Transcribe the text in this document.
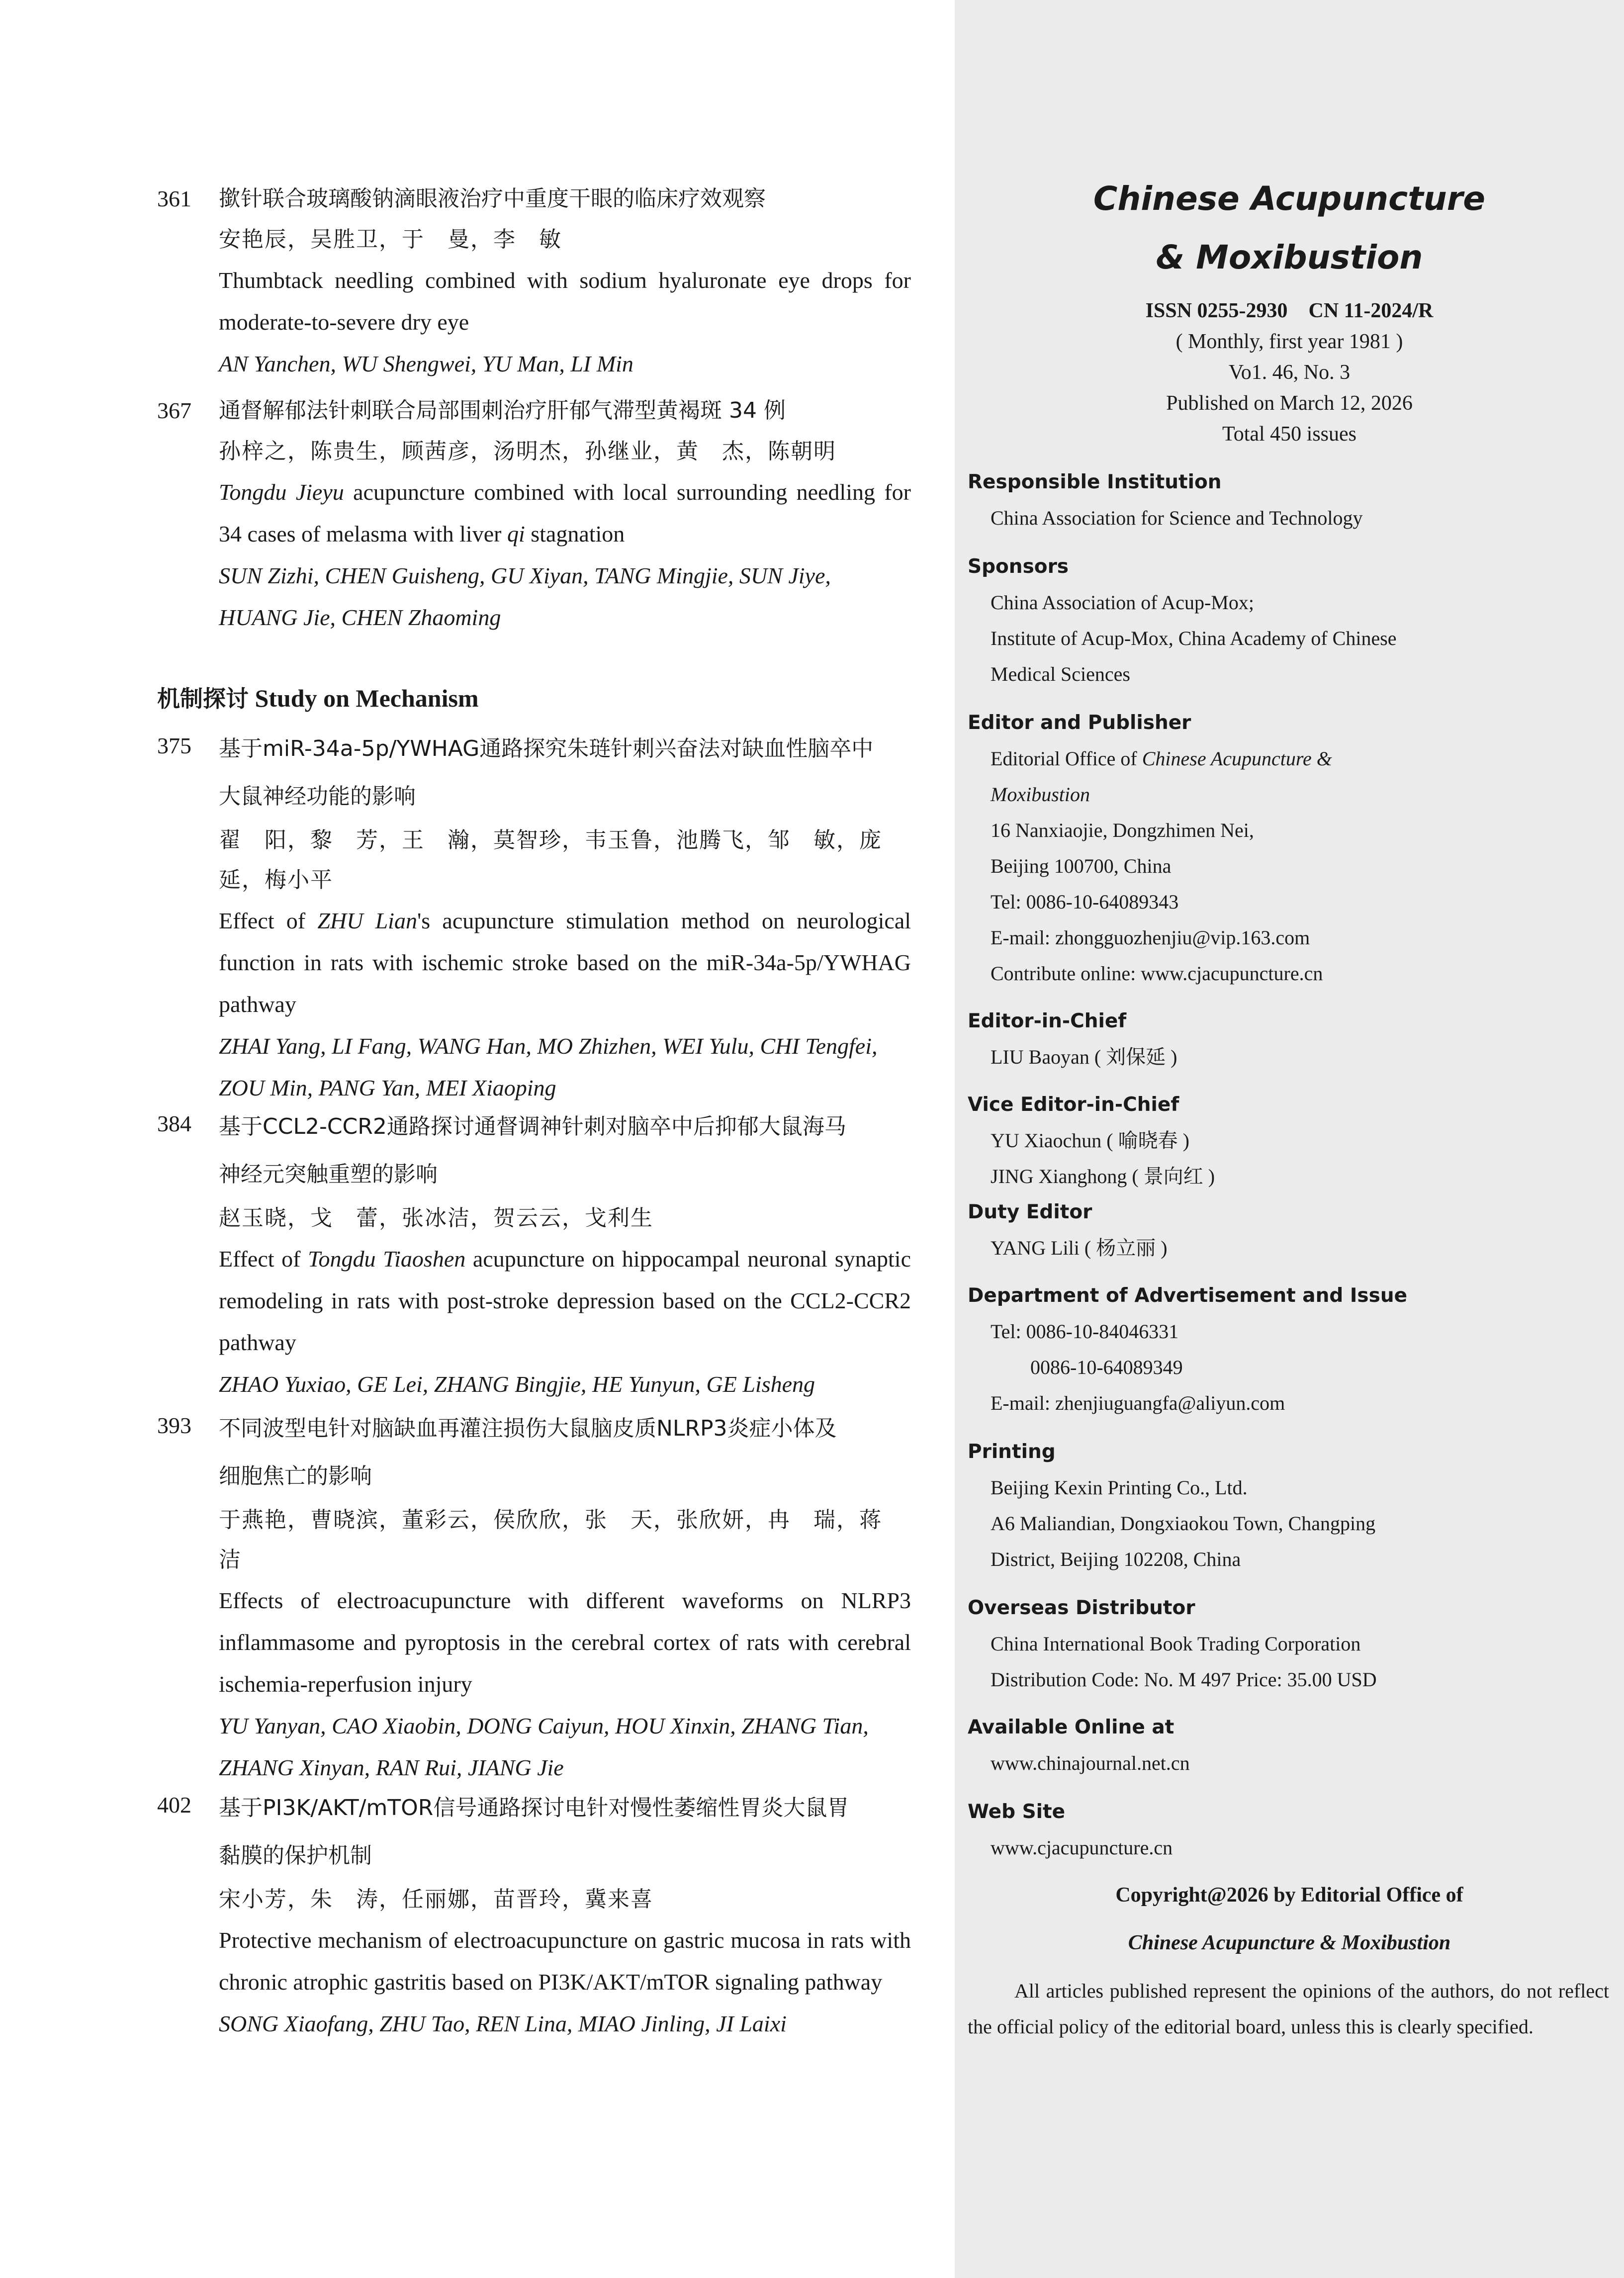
361	撳针联合玻璃酸钠滴眼液治疗中重度干眼的临床疗效观察
安艳辰，吴胜卫，于　曼，李　敏
Thumbtack needling combined with sodium hyaluronate eye drops for moderate-to-severe dry eye
AN Yanchen, WU Shengwei, YU Man, LI Min
367	通督解郁法针刺联合局部围刺治疗肝郁气滞型黄褐斑 34 例
孙梓之，陈贵生，顾茜彦，汤明杰，孙继业，黄　杰，陈朝明
Tongdu Jieyu acupuncture combined with local surrounding needling for 34 cases of melasma with liver qi stagnation
SUN Zizhi, CHEN Guisheng, GU Xiyan, TANG Mingjie, SUN Jiye, HUANG Jie, CHEN Zhaoming
机制探讨 Study on Mechanism
375	基于miR-34a-5p/YWHAG通路探究朱琏针刺兴奋法对缺血性脑卒中
大鼠神经功能的影响
翟　阳，黎　芳，王　瀚，莫智珍，韦玉鲁，池腾飞，邹　敏，庞　延，梅小平
Effect of ZHU Lian's acupuncture stimulation method on neurological function in rats with ischemic stroke based on the miR-34a-5p/YWHAG pathway
ZHAI Yang, LI Fang, WANG Han, MO Zhizhen, WEI Yulu, CHI Tengfei, ZOU Min, PANG Yan, MEI Xiaoping
384	基于CCL2-CCR2通路探讨通督调神针刺对脑卒中后抑郁大鼠海马
神经元突触重塑的影响
赵玉晓，戈　蕾，张冰洁，贺云云，戈利生
Effect of Tongdu Tiaoshen acupuncture on hippocampal neuronal synaptic remodeling in rats with post-stroke depression based on the CCL2-CCR2 pathway
ZHAO Yuxiao, GE Lei, ZHANG Bingjie, HE Yunyun, GE Lisheng
393	不同波型电针对脑缺血再灌注损伤大鼠脑皮质NLRP3炎症小体及
细胞焦亡的影响
于燕艳，曹晓滨，董彩云，侯欣欣，张　天，张欣妍，冉　瑞，蒋　洁
Effects of electroacupuncture with different waveforms on NLRP3 inflammasome and pyroptosis in the cerebral cortex of rats with cerebral ischemia-reperfusion injury
YU Yanyan, CAO Xiaobin, DONG Caiyun, HOU Xinxin, ZHANG Tian, ZHANG Xinyan, RAN Rui, JIANG Jie
402	基于PI3K/AKT/mTOR信号通路探讨电针对慢性萎缩性胃炎大鼠胃
黏膜的保护机制
宋小芳，朱　涛，任丽娜，苗晋玲，冀来喜
Protective mechanism of electroacupuncture on gastric mucosa in rats with chronic atrophic gastritis based on PI3K/AKT/mTOR signaling pathway
SONG Xiaofang, ZHU Tao, REN Lina, MIAO Jinling, JI Laixi
Chinese Acupuncture
& Moxibustion
ISSN 0255-2930　CN 11-2024/R
( Monthly, first year 1981 )
Vo1. 46, No. 3
Published on March 12, 2026
Total 450 issues
Responsible Institution
China Association for Science and Technology
Sponsors
China Association of Acup-Mox;
Institute of Acup-Mox, China Academy of Chinese
Medical Sciences
Editor and Publisher
Editorial Office of Chinese Acupuncture &
Moxibustion
16 Nanxiaojie, Dongzhimen Nei,
Beijing 100700, China
Tel: 0086-10-64089343
E-mail: zhongguozhenjiu@vip.163.com
Contribute online: www.cjacupuncture.cn
Editor-in-Chief
LIU Baoyan ( 刘保延 )
Vice Editor-in-Chief
YU Xiaochun ( 喻晓春 )
JING Xianghong ( 景向红 )
Duty Editor
YANG Lili ( 杨立丽 )
Department of Advertisement and Issue
Tel: 0086-10-84046331
0086-10-64089349
E-mail: zhenjiuguangfa@aliyun.com
Printing
Beijing Kexin Printing Co., Ltd.
A6 Maliandian, Dongxiaokou Town, Changping
District, Beijing 102208, China
Overseas Distributor
China International Book Trading Corporation
Distribution Code: No. M 497 Price: 35.00 USD
Available Online at
www.chinajournal.net.cn
Web Site
www.cjacupuncture.cn
Copyright@2026 by Editorial Office of
Chinese Acupuncture & Moxibustion
All articles published represent the opinions of the authors, do not reflect the official policy of the editorial board, unless this is clearly specified.
